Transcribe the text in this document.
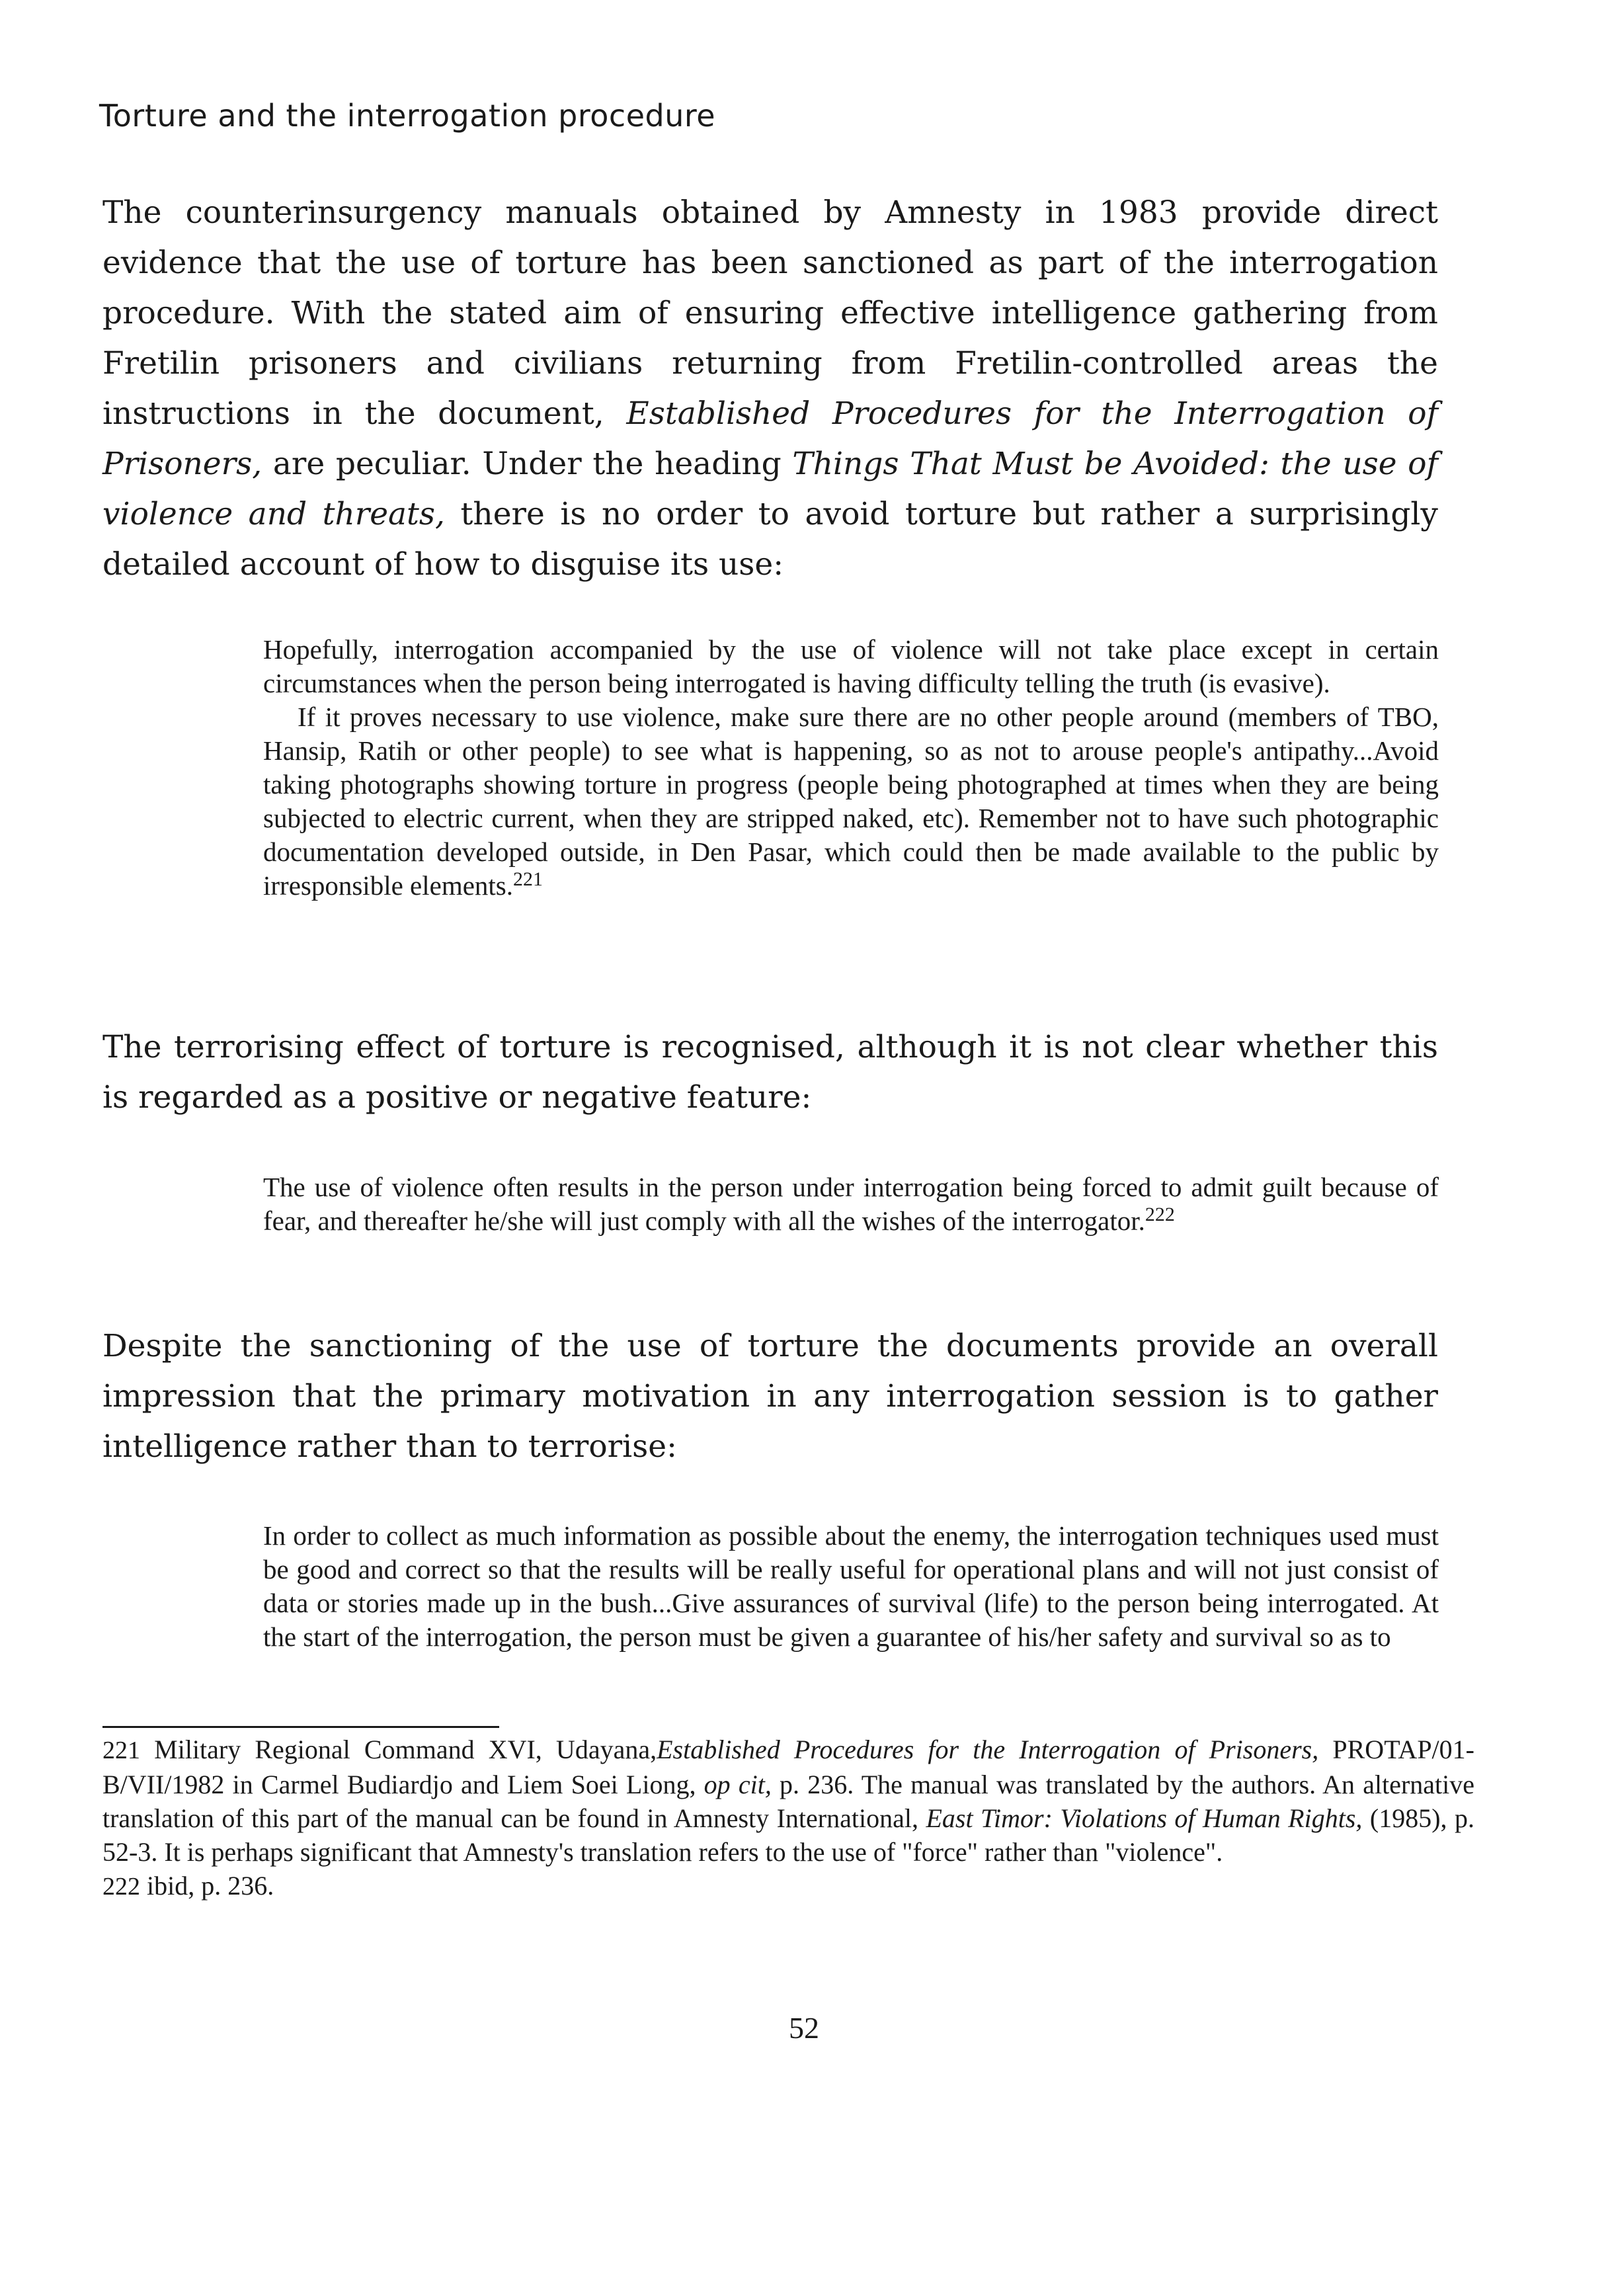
Torture and the interrogation procedure

The counterinsurgency manuals obtained by Amnesty in 1983 provide direct evidence that the use of torture has been sanctioned as part of the interrogation procedure. With the stated aim of ensuring effective intelligence gathering from Fretilin prisoners and civilians returning from Fretilin-controlled areas the instructions in the document, Established Procedures for the Interrogation of Prisoners, are peculiar. Under the heading Things That Must be Avoided: the use of violence and threats, there is no order to avoid torture but rather a surprisingly detailed account of how to disguise its use:

Hopefully, interrogation accompanied by the use of violence will not take place except in certain circumstances when the person being interrogated is having difficulty telling the truth (is evasive).

If it proves necessary to use violence, make sure there are no other people around (members of TBO, Hansip, Ratih or other people) to see what is happening, so as not to arouse people's antipathy...Avoid taking photographs showing torture in progress (people being photographed at times when they are being subjected to electric current, when they are stripped naked, etc). Remember not to have such photographic documentation developed outside, in Den Pasar, which could then be made available to the public by irresponsible elements.$^{221}$

The terrorising effect of torture is recognised, although it is not clear whether this is regarded as a positive or negative feature:

The use of violence often results in the person under interrogation being forced to admit guilt because of fear, and thereafter he/she will just comply with all the wishes of the interrogator.$^{222}$

Despite the sanctioning of the use of torture the documents provide an overall impression that the primary motivation in any interrogation session is to gather intelligence rather than to terrorise:

In order to collect as much information as possible about the enemy, the interrogation techniques used must be good and correct so that the results will be really useful for operational plans and will not just consist of data or stories made up in the bush...Give assurances of survival (life) to the person being interrogated. At the start of the interrogation, the person must be given a guarantee of his/her safety and survival so as to

221 Military Regional Command XVI, Udayana,Established Procedures for the Interrogation of Prisoners, PROTAP/01-B/VII/1982 in Carmel Budiardjo and Liem Soei Liong, op cit, p. 236. The manual was translated by the authors. An alternative translation of this part of the manual can be found in Amnesty International, East Timor: Violations of Human Rights, (1985), p. 52-3. It is perhaps significant that Amnesty's translation refers to the use of "force" rather than "violence".

222 ibid, p. 236.

52
